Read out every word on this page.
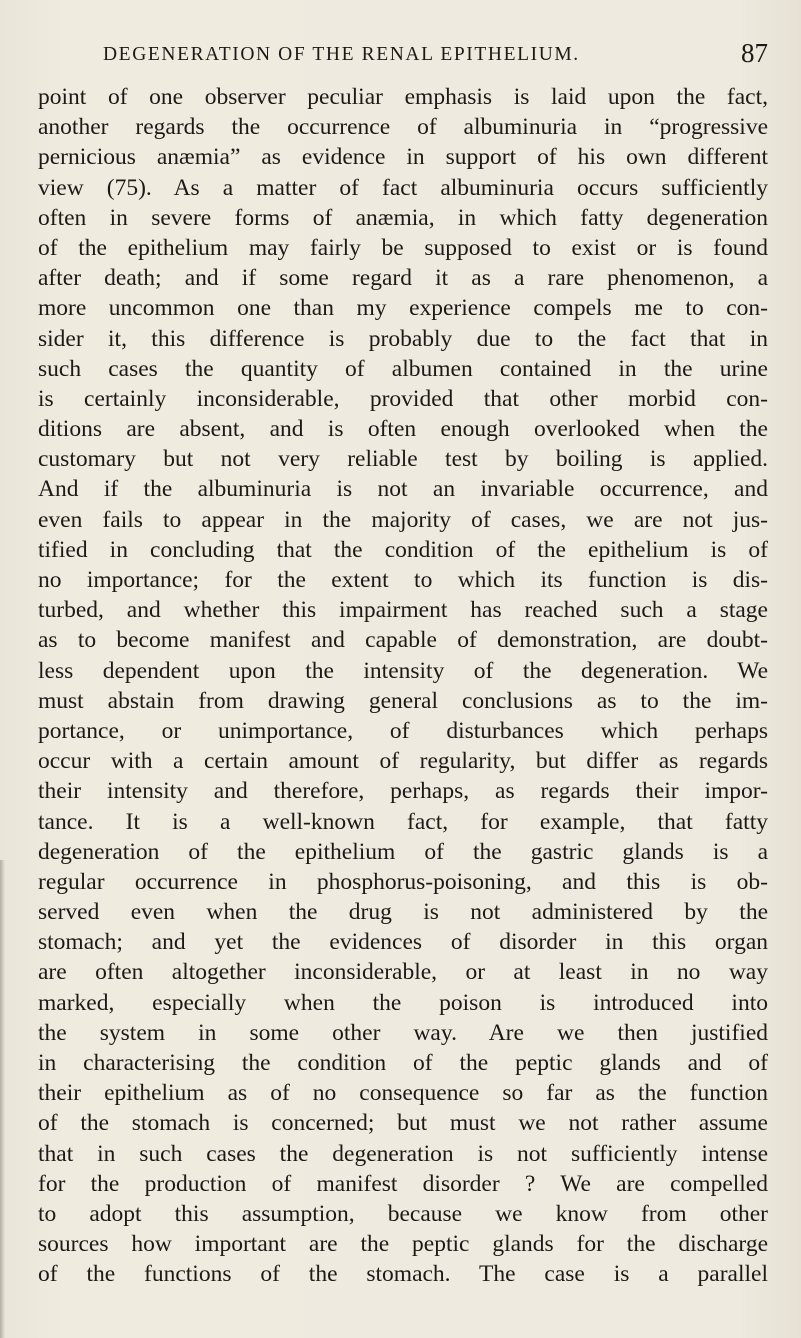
DEGENERATION OF THE RENAL EPITHELIUM.	87
point of one observer peculiar emphasis is laid upon the fact,
another regards the occurrence of albuminuria in “progressive
pernicious anæmia” as evidence in support of his own different
view (75). As a matter of fact albuminuria occurs sufficiently
often in severe forms of anæmia, in which fatty degeneration
of the epithelium may fairly be supposed to exist or is found
after death; and if some regard it as a rare phenomenon, a
more uncommon one than my experience compels me to con-
sider it, this difference is probably due to the fact that in
such cases the quantity of albumen contained in the urine
is certainly inconsiderable, provided that other morbid con-
ditions are absent, and is often enough overlooked when the
customary but not very reliable test by boiling is applied.
And if the albuminuria is not an invariable occurrence, and
even fails to appear in the majority of cases, we are not jus-
tified in concluding that the condition of the epithelium is of
no importance; for the extent to which its function is dis-
turbed, and whether this impairment has reached such a stage
as to become manifest and capable of demonstration, are doubt-
less dependent upon the intensity of the degeneration. We
must abstain from drawing general conclusions as to the im-
portance, or unimportance, of disturbances which perhaps
occur with a certain amount of regularity, but differ as regards
their intensity and therefore, perhaps, as regards their impor-
tance. It is a well-known fact, for example, that fatty
degeneration of the epithelium of the gastric glands is a
regular occurrence in phosphorus-poisoning, and this is ob-
served even when the drug is not administered by the
stomach; and yet the evidences of disorder in this organ
are often altogether inconsiderable, or at least in no way
marked, especially when the poison is introduced into
the system in some other way. Are we then justified
in characterising the condition of the peptic glands and of
their epithelium as of no consequence so far as the function
of the stomach is concerned; but must we not rather assume
that in such cases the degeneration is not sufficiently intense
for the production of manifest disorder ? We are compelled
to adopt this assumption, because we know from other
sources how important are the peptic glands for the discharge
of the functions of the stomach. The case is a parallel
